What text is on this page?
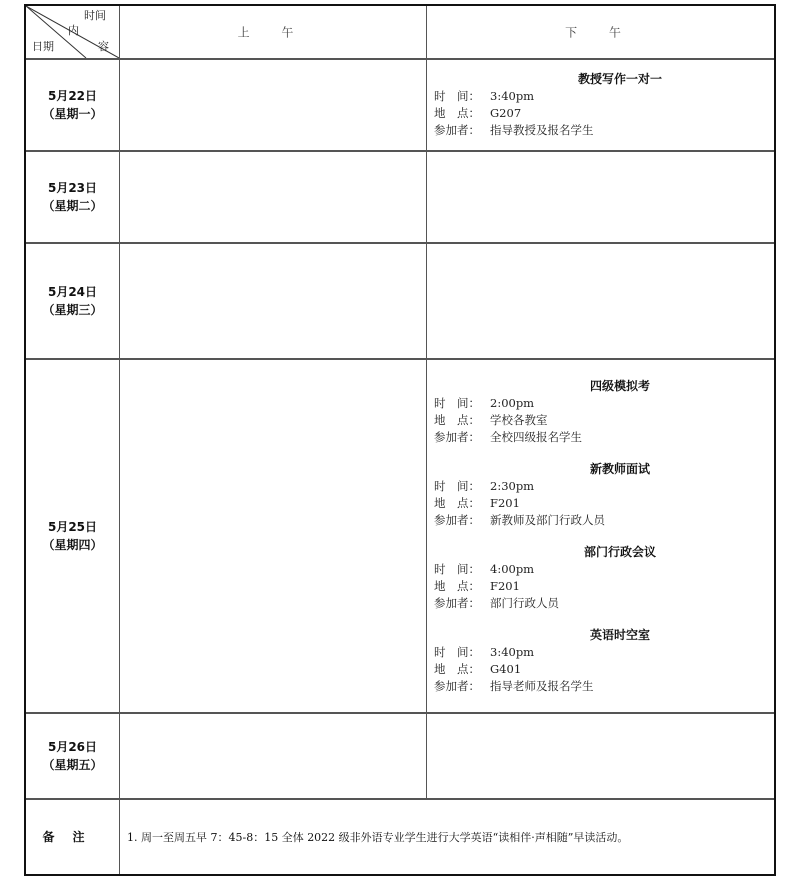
时间
内
容
日期
上 午	下 午
5月22日
（星期一）
教授写作一对一
时　间： 3:40pm
地　点： G207
参加者： 指导教授及报名学生
5月23日
（星期二）
5月24日
（星期三）
5月25日
（星期四）
四级模拟考
时　间： 2:00pm
地　点： 学校各教室
参加者： 全校四级报名学生
新教师面试
时　间： 2:30pm
地　点： F201
参加者： 新教师及部门行政人员
部门行政会议
时　间： 4:00pm
地　点： F201
参加者： 部门行政人员
英语时空室
时　间： 3:40pm
地　点： G401
参加者： 指导老师及报名学生
5月26日
（星期五）
备注 1. 周一至周五早 7：45-8：15 全体 2022 级非外语专业学生进行大学英语“读相伴·声相随”早读活动。
